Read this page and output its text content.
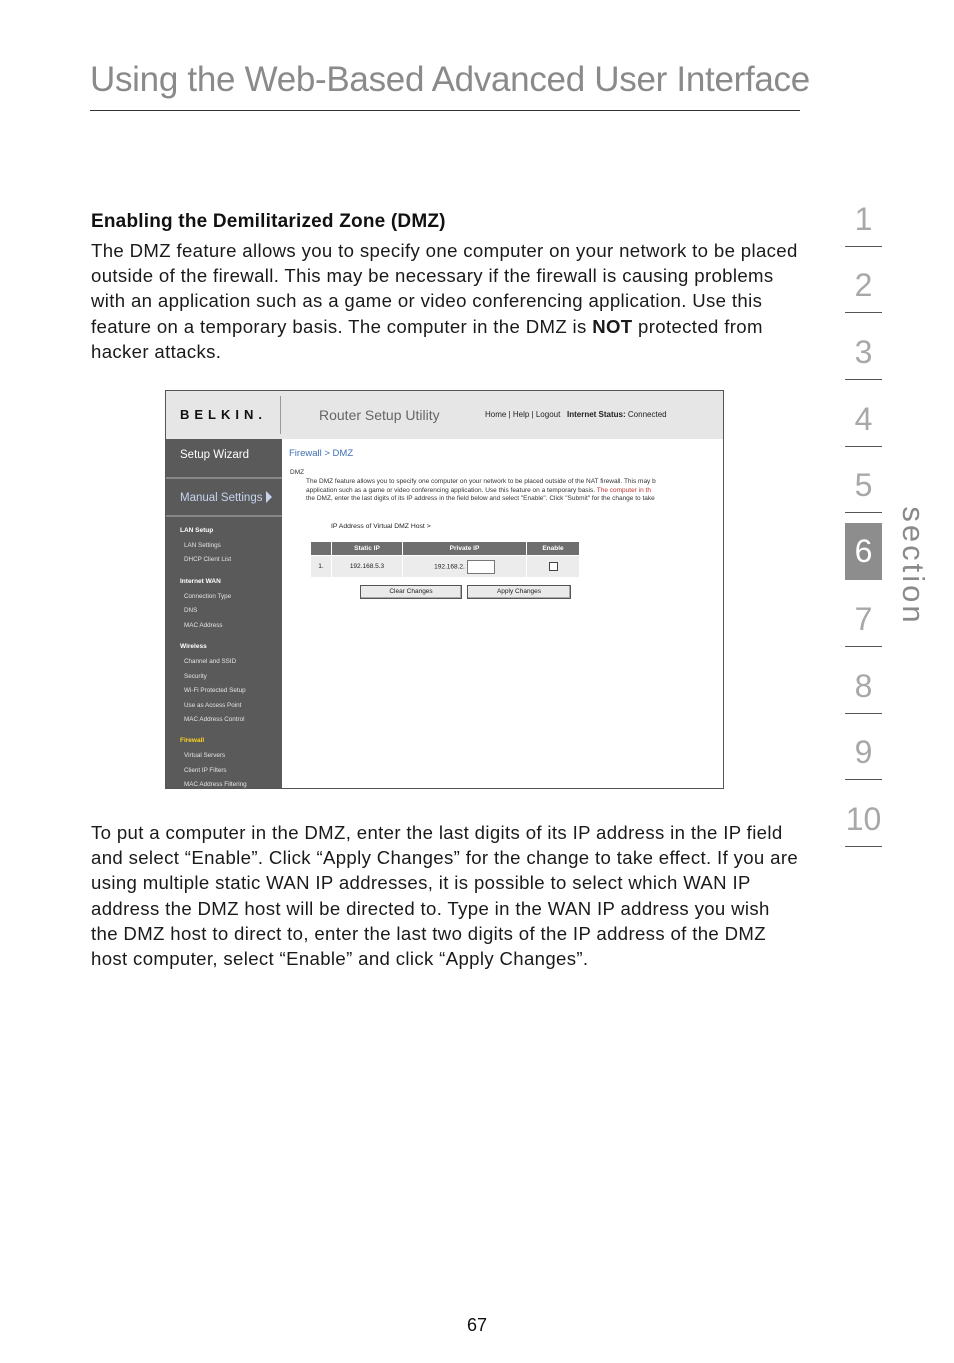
Using the Web-Based Advanced User Interface
1
2
3
4
5
6
7
8
9
10
section
Enabling the Demilitarized Zone (DMZ)
The DMZ feature allows you to specify one computer on your network to be placed outside of the firewall. This may be necessary if the firewall is causing problems with an application such as a game or video conferencing application. Use this feature on a temporary basis. The computer in the DMZ is NOT protected from hacker attacks.
BELKIN.	Router Setup Utility	Home | Help | Logout Internet Status: Connected
Setup Wizard
Manual Settings
LAN Setup
LAN Settings
DHCP Client List
Internet WAN
Connection Type
DNS
MAC Address
Wireless
Channel and SSID
Security
Wi-Fi Protected Setup
Use as Access Point
MAC Address Control
Firewall
Virtual Servers
Client IP Filters
MAC Address Filtering
Firewall > DMZ
DMZ
The DMZ feature allows you to specify one computer on your network to be placed outside of the NAT firewall. This may b
application such as a game or video conferencing application. Use this feature on a temporary basis. The computer in th
the DMZ, enter the last digits of its IP address in the field below and select "Enable". Click "Submit" for the change to take
IP Address of Virtual DMZ Host >
	Static IP	Private IP	Enable
1.	192.168.5.3	192.168.2.	
Clear Changes	Apply Changes
To put a computer in the DMZ, enter the last digits of its IP address in the IP field and select “Enable”. Click “Apply Changes” for the change to take effect. If you are using multiple static WAN IP addresses, it is possible to select which WAN IP address the DMZ host will be directed to. Type in the WAN IP address you wish the DMZ host to direct to, enter the last two digits of the IP address of the DMZ host computer, select “Enable” and click “Apply Changes”.
67
